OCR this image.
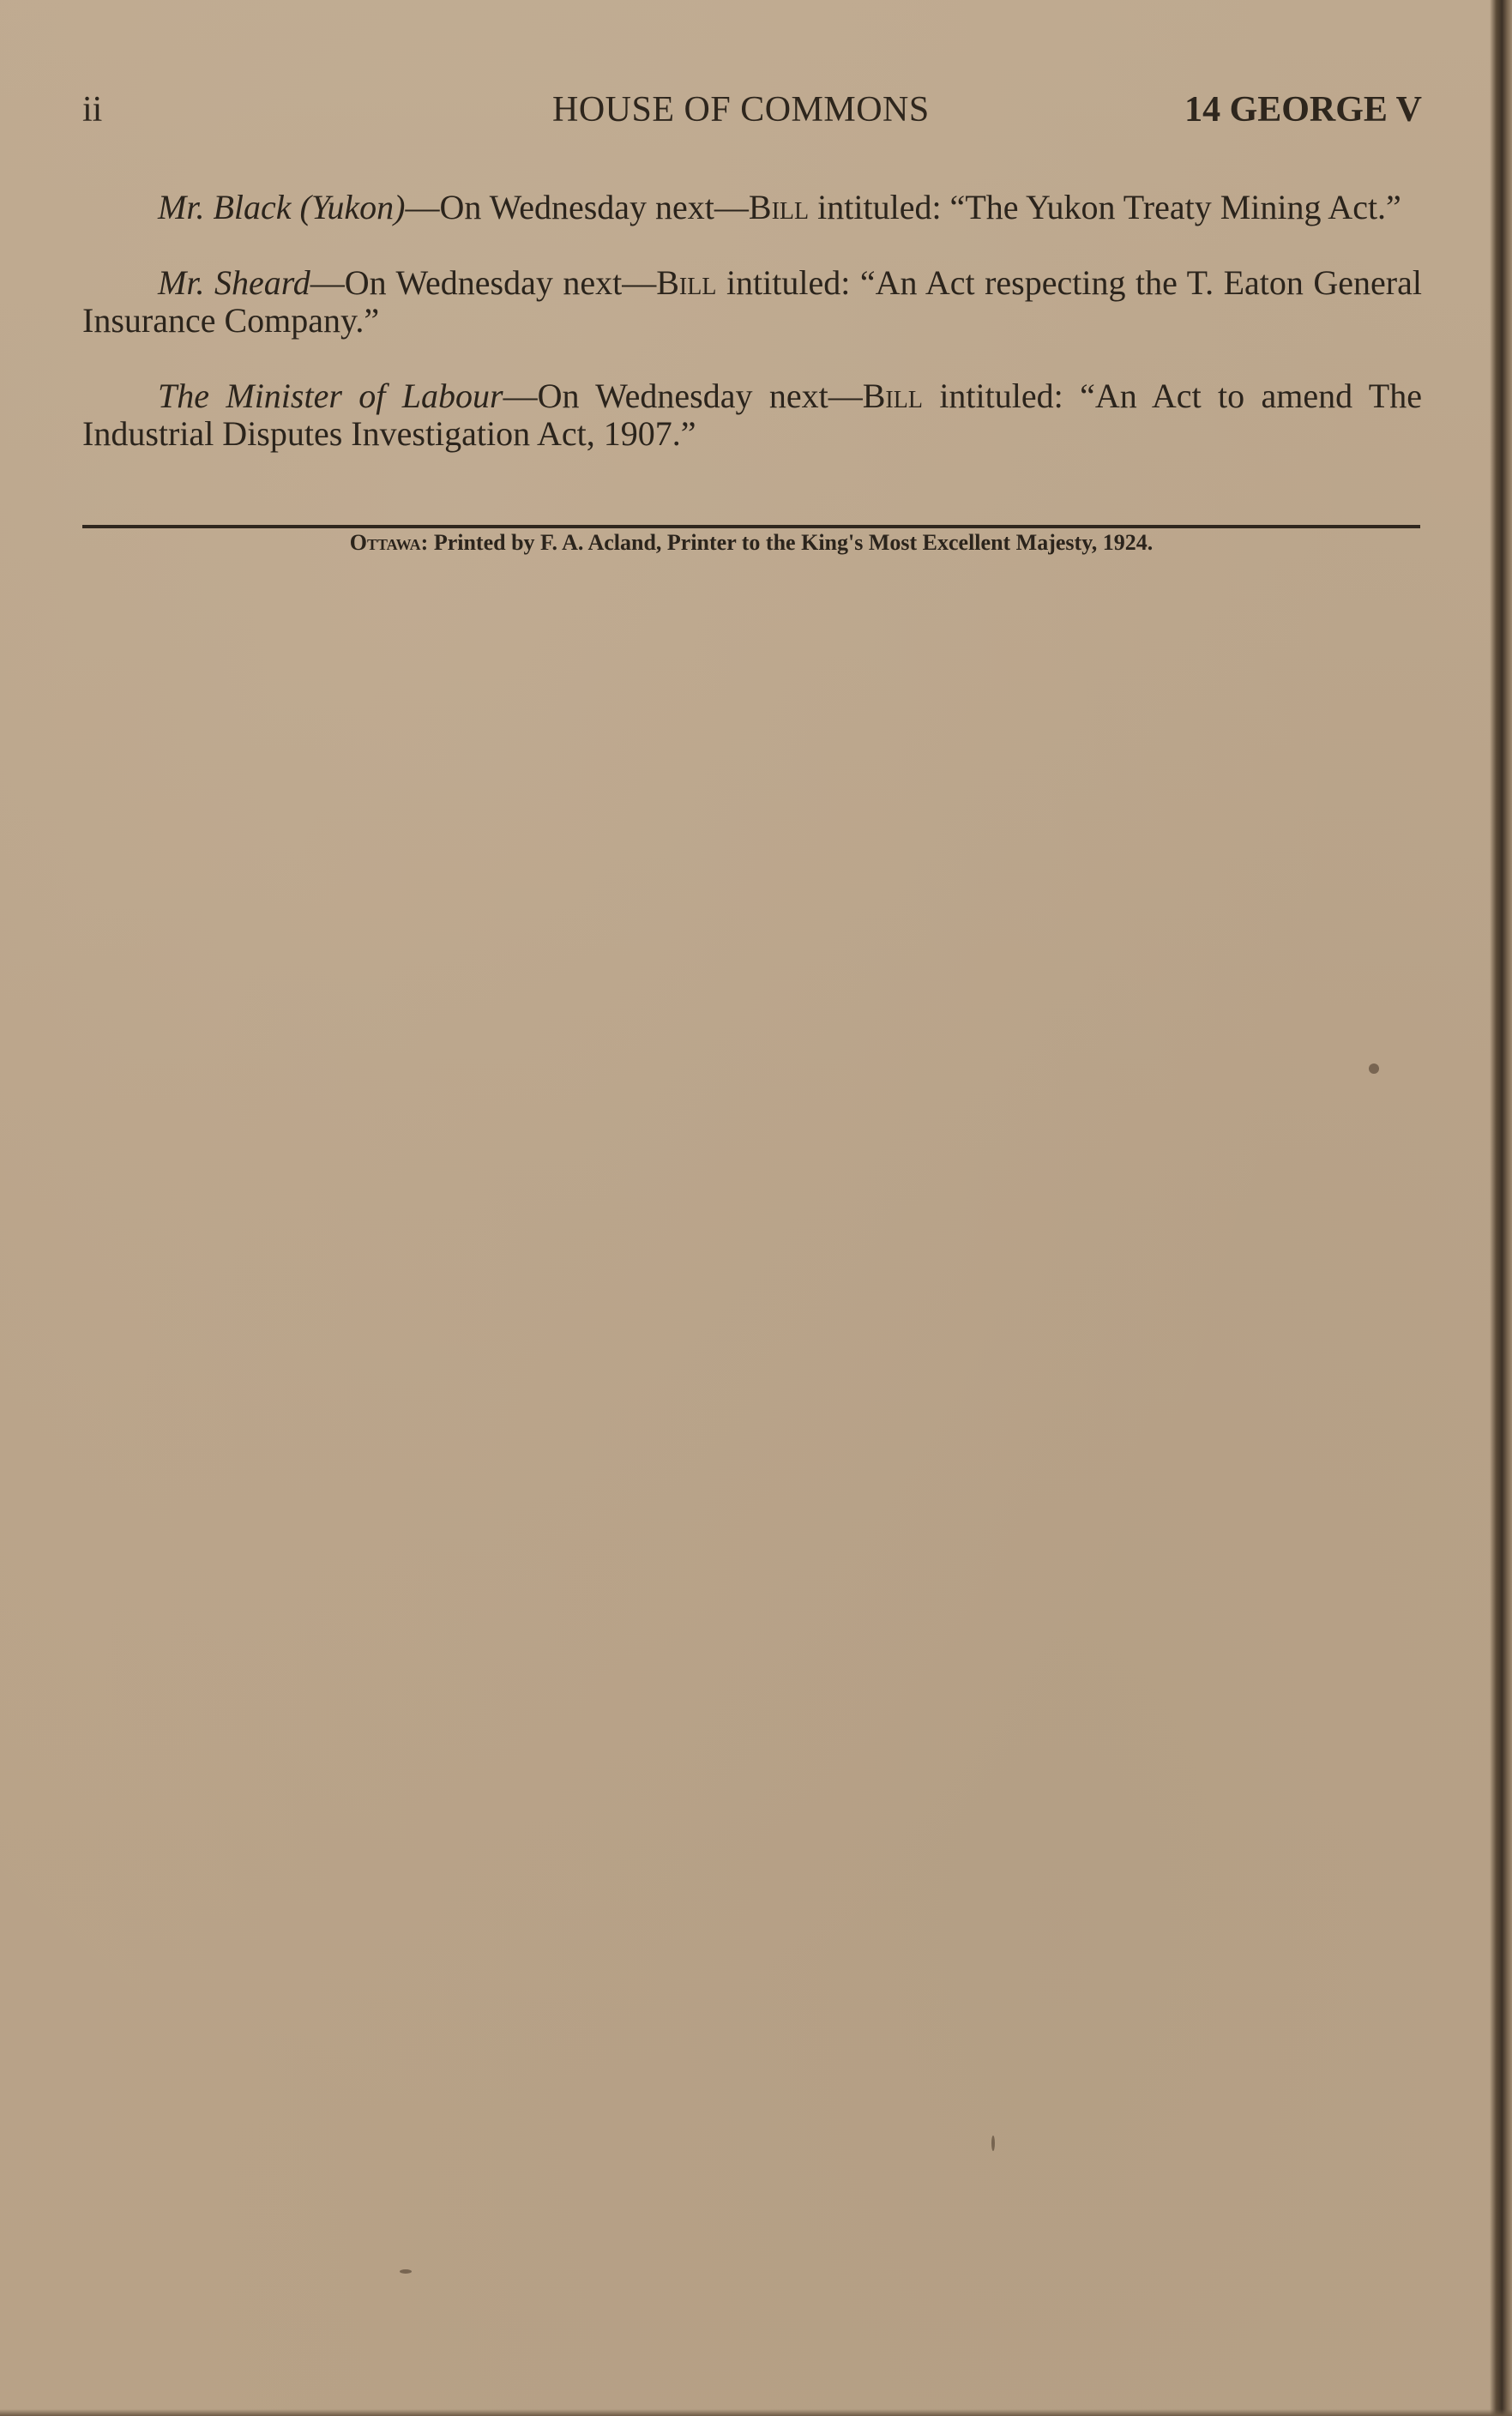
ii	HOUSE OF COMMONS	14 GEORGE V

Mr. Black (Yukon)—On Wednesday next—Bill intituled: “The Yukon Treaty Mining Act.”

Mr. Sheard—On Wednesday next—Bill intituled: “An Act respecting the T. Eaton General Insurance Company.”

The Minister of Labour—On Wednesday next—Bill intituled: “An Act to amend The Industrial Disputes Investigation Act, 1907.”

Ottawa: Printed by F. A. Acland, Printer to the King's Most Excellent Majesty, 1924.
